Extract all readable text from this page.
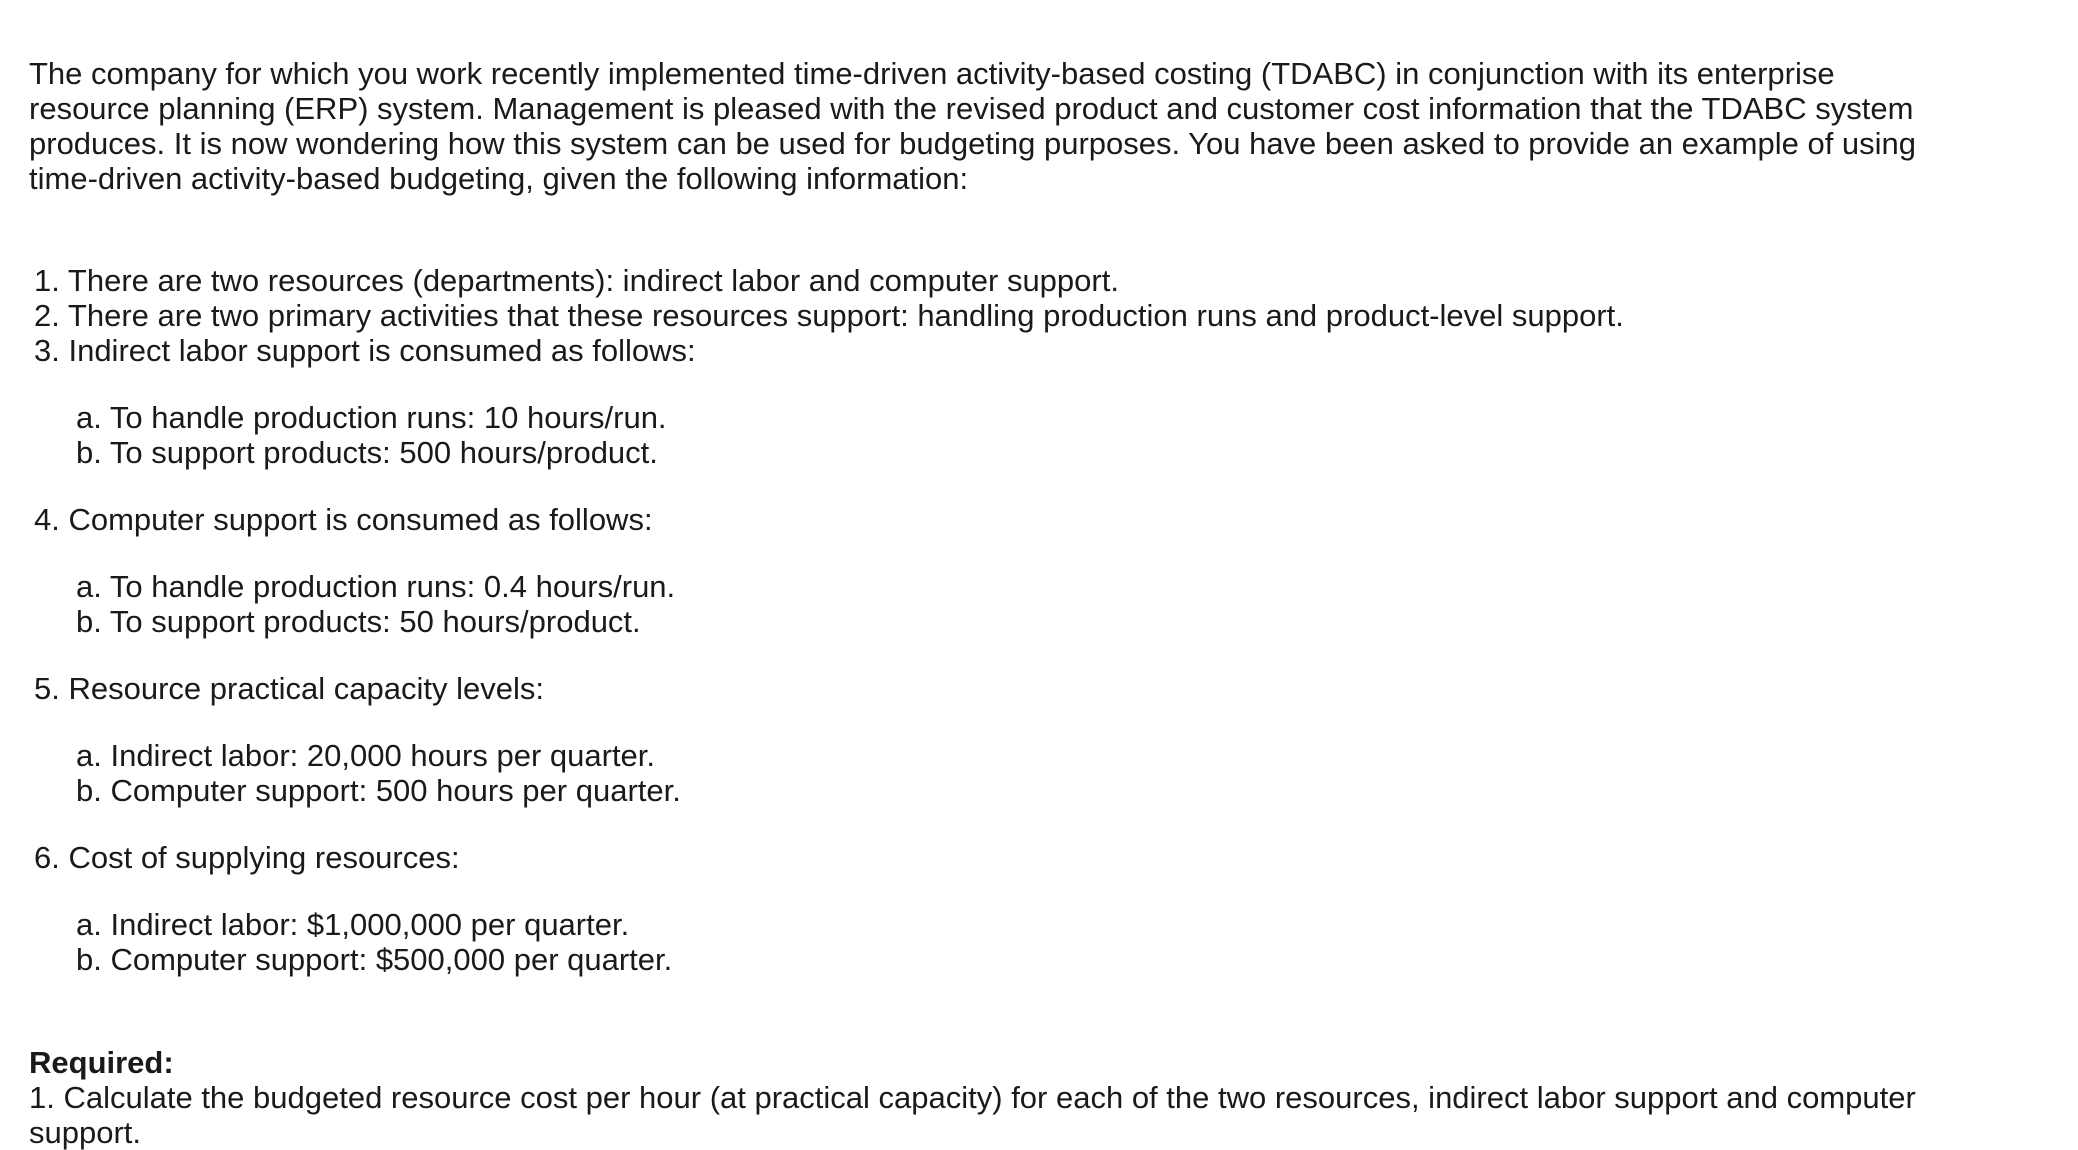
The company for which you work recently implemented time-driven activity-based costing (TDABC) in conjunction with its enterprise resource planning (ERP) system. Management is pleased with the revised product and customer cost information that the TDABC system produces. It is now wondering how this system can be used for budgeting purposes. You have been asked to provide an example of using time-driven activity-based budgeting, given the following information:

1. There are two resources (departments): indirect labor and computer support.

2. There are two primary activities that these resources support: handling production runs and product-level support.

3. Indirect labor support is consumed as follows:

a. To handle production runs: 10 hours/run.

b. To support products: 500 hours/product.

4. Computer support is consumed as follows:

a. To handle production runs: 0.4 hours/run.

b. To support products: 50 hours/product.

5. Resource practical capacity levels:

a. Indirect labor: 20,000 hours per quarter.

b. Computer support: 500 hours per quarter.

6. Cost of supplying resources:

a. Indirect labor: $1,000,000 per quarter.

b. Computer support: $500,000 per quarter.

Required:

1. Calculate the budgeted resource cost per hour (at practical capacity) for each of the two resources, indirect labor support and computer support.
